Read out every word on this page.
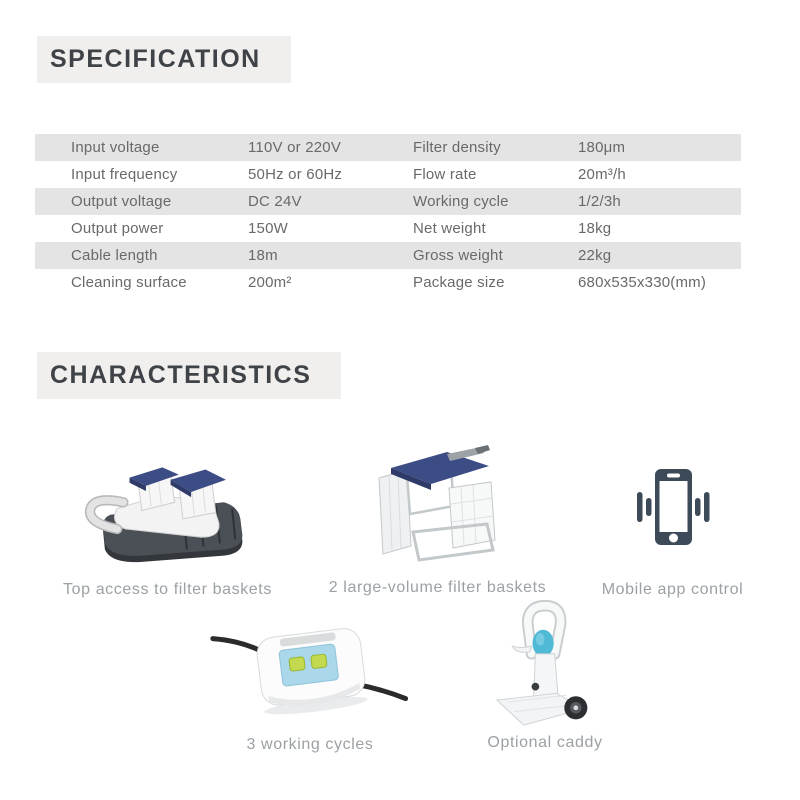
SPECIFICATION
Input voltage	110V or 220V	Filter density	180μm
Input frequency	50Hz or 60Hz	Flow rate	20m³/h
Output voltage	DC 24V	Working cycle	1/2/3h
Output power	150W	Net weight	18kg
Cable length	18m	Gross weight	22kg
Cleaning surface	200m²	Package size	680x535x330(mm)
CHARACTERISTICS
Top access to filter baskets	2 large-volume filter baskets	Mobile app control
3 working cycles	Optional caddy
